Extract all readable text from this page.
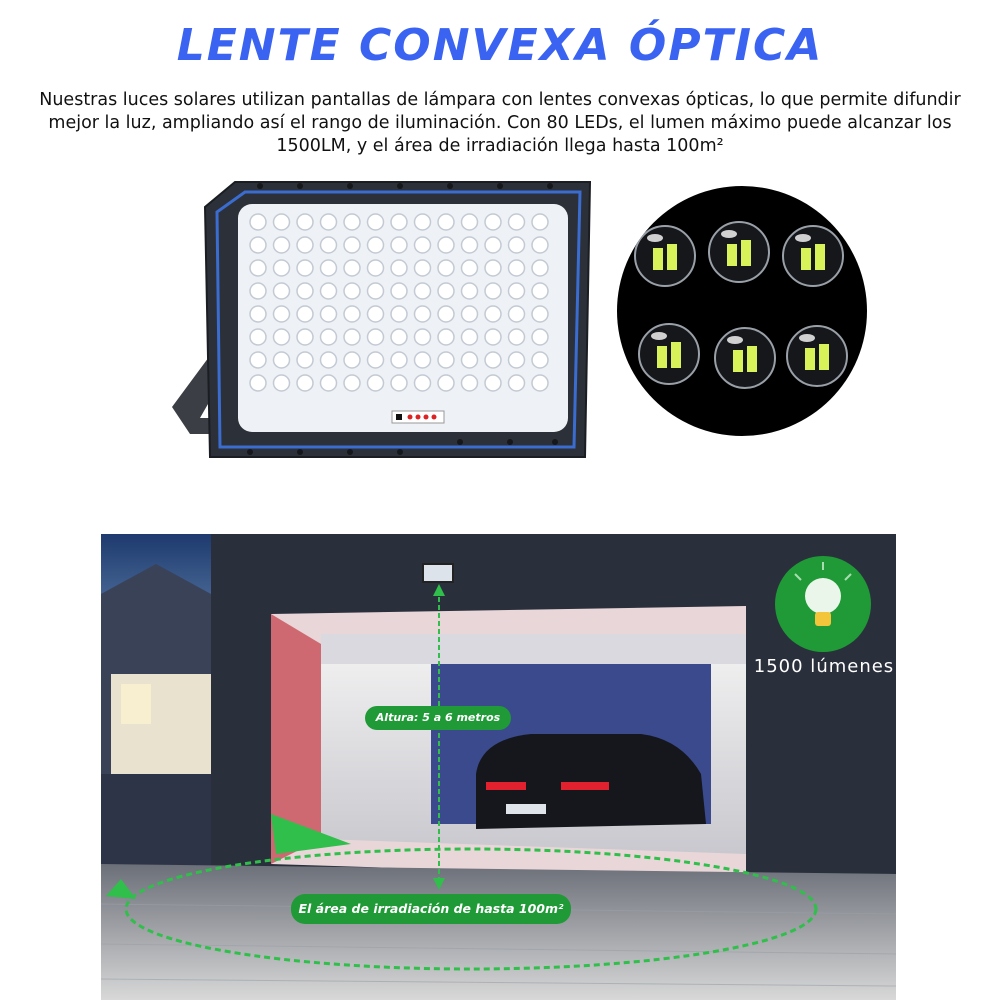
LENTE CONVEXA ÓPTICA
Nuestras luces solares utilizan pantallas de lámpara con lentes convexas ópticas, lo que permite difundir
mejor la luz, ampliando así el rango de iluminación. Con 80 LEDs, el lumen máximo puede alcanzar los
1500LM, y el área de irradiación llega hasta 100m²
Altura: 5 a 6 metros
El área de irradiación de hasta 100m²
1500 lúmenes
